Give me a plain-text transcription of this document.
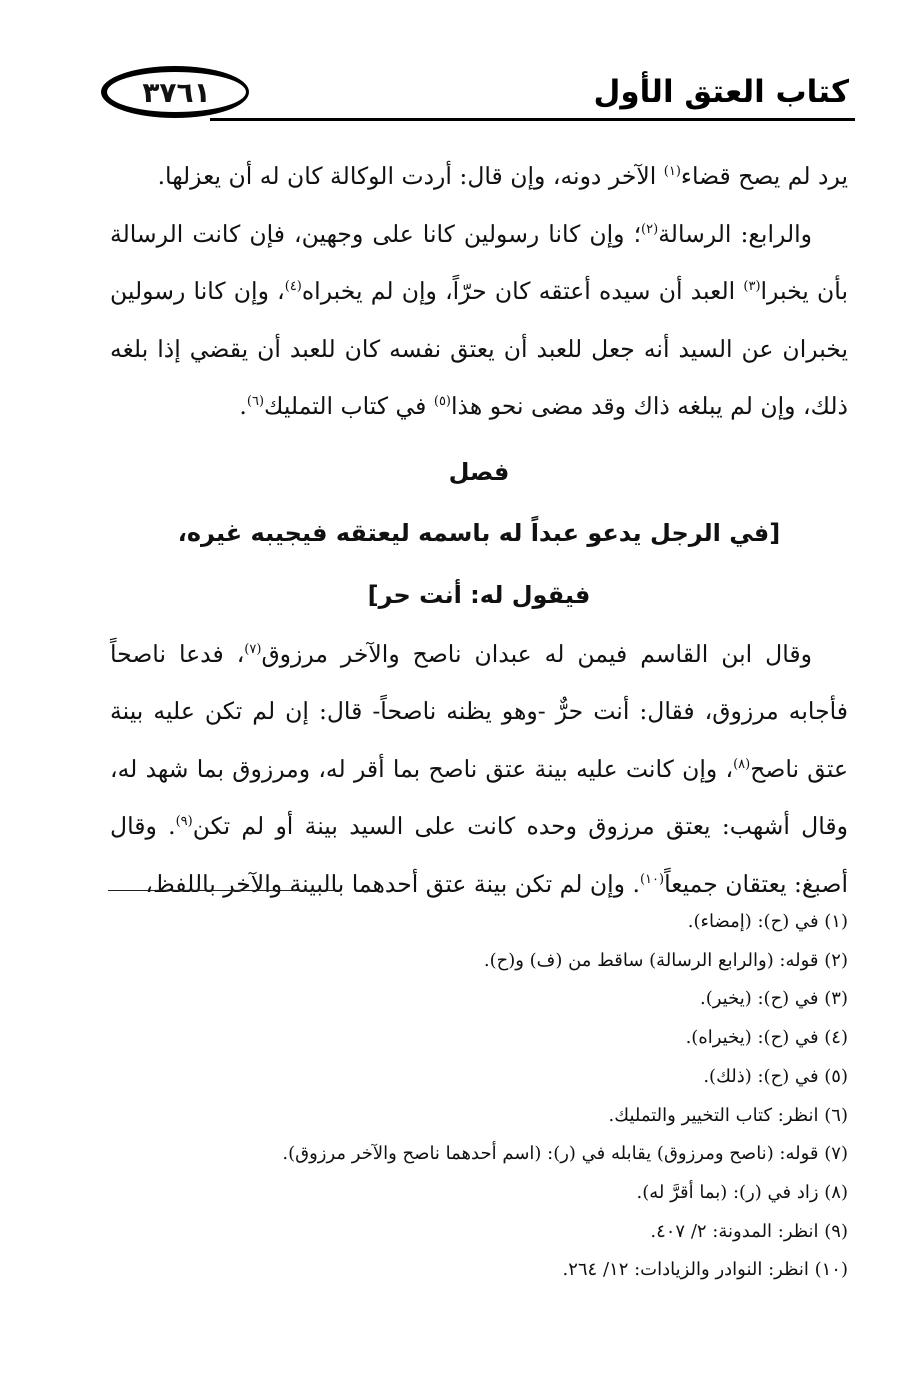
كتاب العتق الأول
٣٧٦١

يرد لم يصح قضاء$^{(١)}$ الآخر دونه، وإن قال: أردت الوكالة كان له أن يعزلها.

والرابع: الرسالة$^{(٢)}$؛ وإن كانا رسولين كانا على وجهين، فإن كانت الرسالة بأن يخبرا$^{(٣)}$ العبد أن سيده أعتقه كان حرّاً، وإن لم يخبراه$^{(٤)}$، وإن كانا رسولين يخبران عن السيد أنه جعل للعبد أن يعتق نفسه كان للعبد أن يقضي إذا بلغه ذلك، وإن لم يبلغه ذاك وقد مضى نحو هذا$^{(٥)}$ في كتاب التمليك$^{(٦)}$.

فصل
[في الرجل يدعو عبداً له باسمه ليعتقه فيجيبه غيره،
فيقول له: أنت حر]

وقال ابن القاسم فيمن له عبدان ناصح والآخر مرزوق$^{(٧)}$، فدعا ناصحاً فأجابه مرزوق، فقال: أنت حرٌّ -وهو يظنه ناصحاً- قال: إن لم تكن عليه بينة عتق ناصح$^{(٨)}$، وإن كانت عليه بينة عتق ناصح بما أقر له، ومرزوق بما شهد له، وقال أشهب: يعتق مرزوق وحده كانت على السيد بينة أو لم تكن$^{(٩)}$. وقال أصبغ: يعتقان جميعاً$^{(١٠)}$. وإن لم تكن بينة عتق أحدهما بالبينة والآخر باللفظ،

(١) في (ح): (إمضاء).
(٢) قوله: (والرابع الرسالة) ساقط من (ف) و(ح).
(٣) في (ح): (يخير).
(٤) في (ح): (يخيراه).
(٥) في (ح): (ذلك).
(٦) انظر: كتاب التخيير والتمليك.
(٧) قوله: (ناصح ومرزوق) يقابله في (ر): (اسم أحدهما ناصح والآخر مرزوق).
(٨) زاد في (ر): (بما أقرَّ له).
(٩) انظر: المدونة: ٢/ ٤٠٧.
(١٠) انظر: النوادر والزيادات: ١٢/ ٢٦٤.
